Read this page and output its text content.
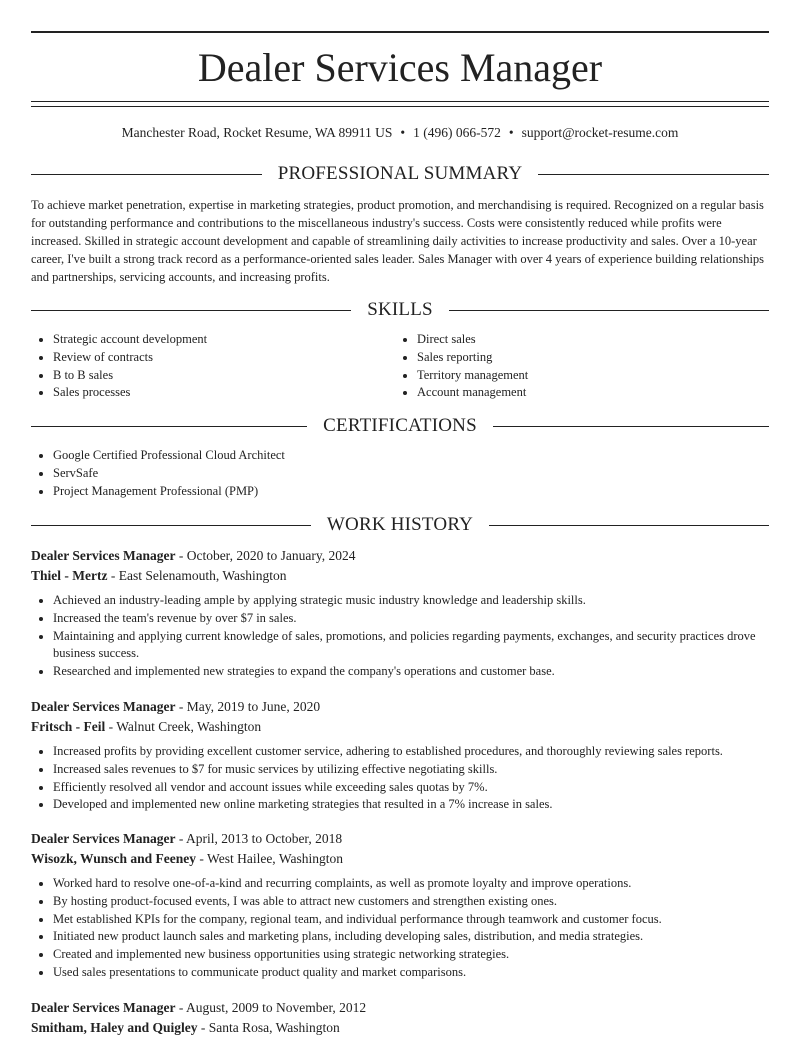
Dealer Services Manager
Manchester Road, Rocket Resume, WA 89911 US • 1 (496) 066-572 • support@rocket-resume.com
PROFESSIONAL SUMMARY

To achieve market penetration, expertise in marketing strategies, product promotion, and merchandising is required. Recognized on a regular basis for outstanding performance and contributions to the miscellaneous industry's success. Costs were consistently reduced while profits were increased. Skilled in strategic account development and capable of streamlining daily activities to increase productivity and sales. Over a 10-year career, I've built a strong track record as a performance-oriented sales leader. Sales Manager with over 4 years of experience building relationships and partnerships, servicing accounts, and increasing profits.

SKILLS
• Strategic account development
• Review of contracts
• B to B sales
• Sales processes
• Direct sales
• Sales reporting
• Territory management
• Account management
CERTIFICATIONS
• Google Certified Professional Cloud Architect
• ServSafe
• Project Management Professional (PMP)
WORK HISTORY
Dealer Services Manager - October, 2020 to January, 2024
Thiel - Mertz - East Selenamouth, Washington
• Achieved an industry-leading ample by applying strategic music industry knowledge and leadership skills.
• Increased the team's revenue by over $7 in sales.
• Maintaining and applying current knowledge of sales, promotions, and policies regarding payments, exchanges, and security practices drove business success.
• Researched and implemented new strategies to expand the company's operations and customer base.
Dealer Services Manager - May, 2019 to June, 2020
Fritsch - Feil - Walnut Creek, Washington
• Increased profits by providing excellent customer service, adhering to established procedures, and thoroughly reviewing sales reports.
• Increased sales revenues to $7 for music services by utilizing effective negotiating skills.
• Efficiently resolved all vendor and account issues while exceeding sales quotas by 7%.
• Developed and implemented new online marketing strategies that resulted in a 7% increase in sales.
Dealer Services Manager - April, 2013 to October, 2018
Wisozk, Wunsch and Feeney - West Hailee, Washington
• Worked hard to resolve one-of-a-kind and recurring complaints, as well as promote loyalty and improve operations.
• By hosting product-focused events, I was able to attract new customers and strengthen existing ones.
• Met established KPIs for the company, regional team, and individual performance through teamwork and customer focus.
• Initiated new product launch sales and marketing plans, including developing sales, distribution, and media strategies.
• Created and implemented new business opportunities using strategic networking strategies.
• Used sales presentations to communicate product quality and market comparisons.
Dealer Services Manager - August, 2009 to November, 2012
Smitham, Haley and Quigley - Santa Rosa, Washington
